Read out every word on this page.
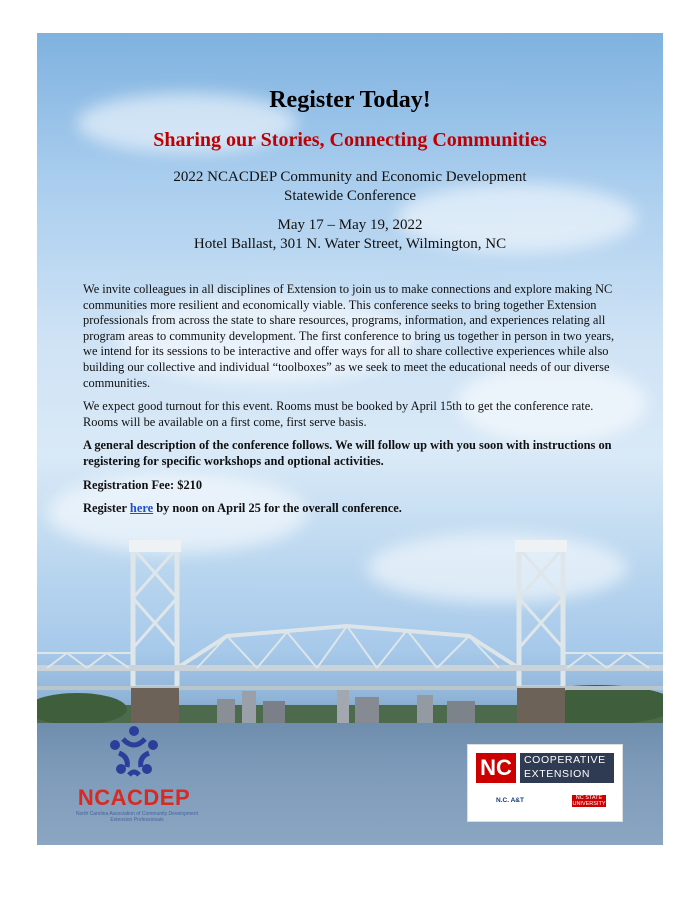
Register Today!
Sharing our Stories, Connecting Communities
2022 NCACDEP Community and Economic Development
Statewide Conference
May 17 – May 19, 2022
Hotel Ballast, 301 N. Water Street, Wilmington, NC

We invite colleagues in all disciplines of Extension to join us to make connections and explore making NC communities more resilient and economically viable. This conference seeks to bring together Extension professionals from across the state to share resources, programs, information, and experiences relating all program areas to community development. The first conference to bring us together in person in two years, we intend for its sessions to be interactive and offer ways for all to share collective experiences while also building our collective and individual “toolboxes” as we seek to meet the educational needs of our diverse communities.

We expect good turnout for this event. Rooms must be booked by April 15th to get the conference rate. Rooms will be available on a first come, first serve basis.

A general description of the conference follows. We will follow up with you soon with instructions on registering for specific workshops and optional activities.

Registration Fee: $210

Register here by noon on April 25 for the overall conference.

NCACDEP
North Carolina Association of Community Development Extension Professionals
NC	COOPERATIVE
EXTENSION
N.C. A&T	NC STATE UNIVERSITY
